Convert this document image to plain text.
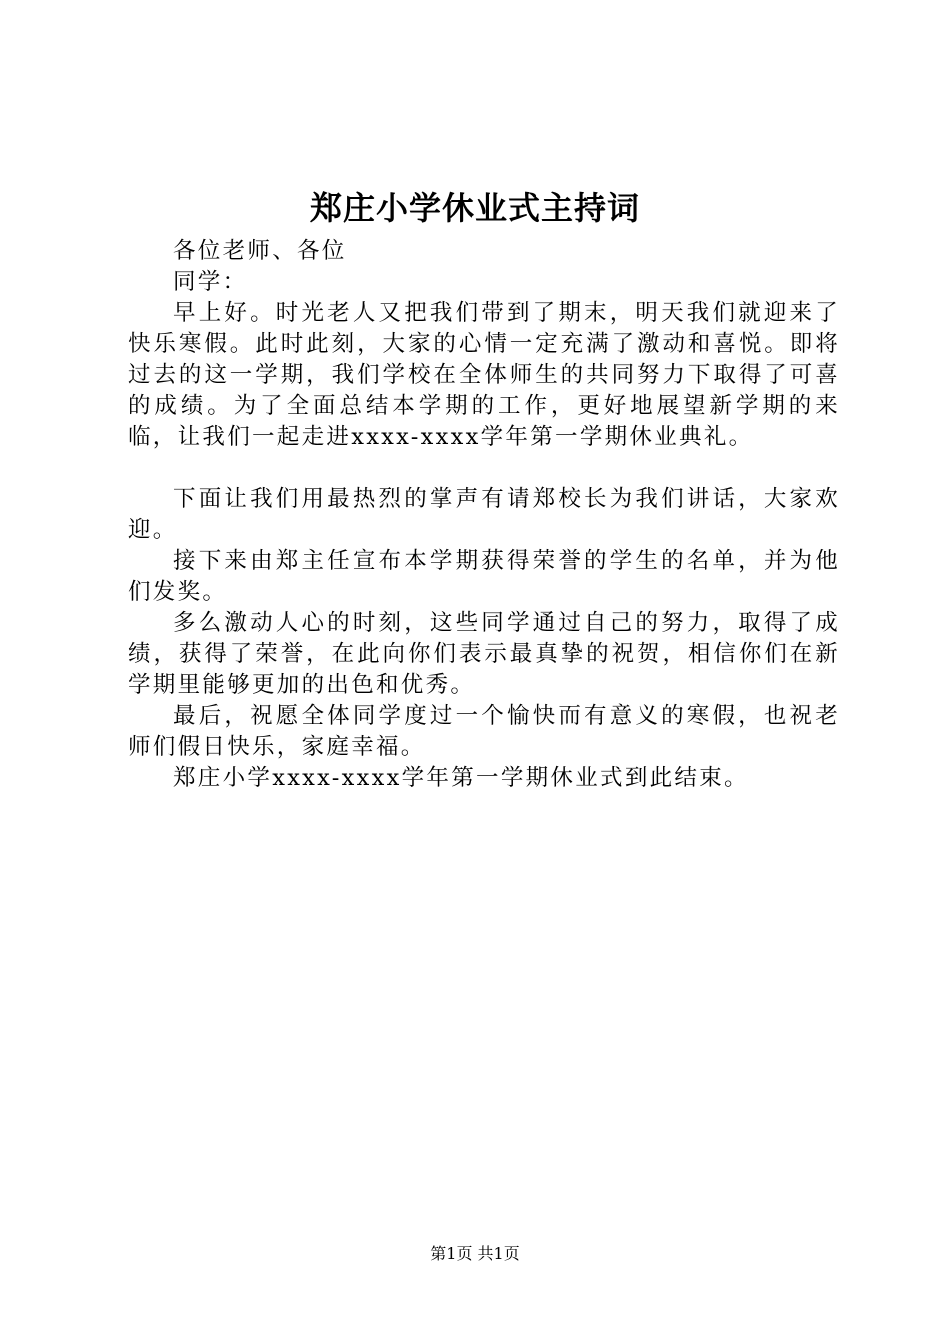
郑庄小学休业式主持词

各位老师、各位

同学：

早上好。时光老人又把我们带到了期末，明天我们就迎来了快乐寒假。此时此刻，大家的心情一定充满了激动和喜悦。即将过去的这一学期，我们学校在全体师生的共同努力下取得了可喜的成绩。为了全面总结本学期的工作，更好地展望新学期的来临，让我们一起走进xxxx-xxxx学年第一学期休业典礼。

下面让我们用最热烈的掌声有请郑校长为我们讲话，大家欢迎。

接下来由郑主任宣布本学期获得荣誉的学生的名单，并为他们发奖。

多么激动人心的时刻，这些同学通过自己的努力，取得了成绩，获得了荣誉，在此向你们表示最真挚的祝贺，相信你们在新学期里能够更加的出色和优秀。

最后，祝愿全体同学度过一个愉快而有意义的寒假，也祝老师们假日快乐，家庭幸福。

郑庄小学xxxx-xxxx学年第一学期休业式到此结束。

第1页 共1页
